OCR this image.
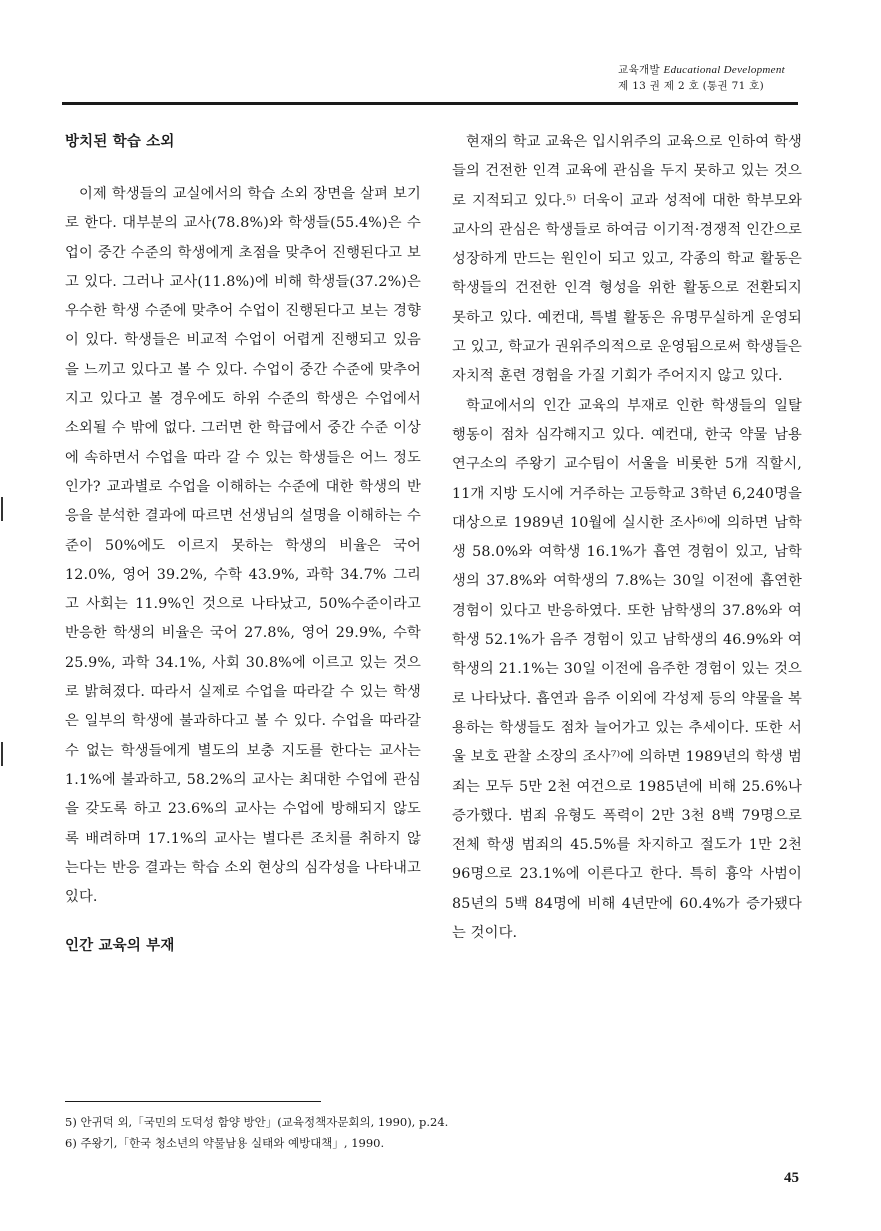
교육개발 Educational Development
제 13 권 제 2 호 (통권 71 호)
방치된 학습 소외

이제 학생들의 교실에서의 학습 소외 장면을 살펴 보기로 한다. 대부분의 교사(78.8%)와 학생들(55.4%)은 수업이 중간 수준의 학생에게 초점을 맞추어 진행된다고 보고 있다. 그러나 교사(11.8%)에 비해 학생들(37.2%)은 우수한 학생 수준에 맞추어 수업이 진행된다고 보는 경향이 있다. 학생들은 비교적 수업이 어렵게 진행되고 있음을 느끼고 있다고 볼 수 있다. 수업이 중간 수준에 맞추어지고 있다고 볼 경우에도 하위 수준의 학생은 수업에서 소외될 수 밖에 없다. 그러면 한 학급에서 중간 수준 이상에 속하면서 수업을 따라 갈 수 있는 학생들은 어느 정도인가? 교과별로 수업을 이해하는 수준에 대한 학생의 반응을 분석한 결과에 따르면 선생님의 설명을 이해하는 수준이 50%에도 이르지 못하는 학생의 비율은 국어 12.0%, 영어 39.2%, 수학 43.9%, 과학 34.7% 그리고 사회는 11.9%인 것으로 나타났고, 50%수준이라고 반응한 학생의 비율은 국어 27.8%, 영어 29.9%, 수학 25.9%, 과학 34.1%, 사회 30.8%에 이르고 있는 것으로 밝혀졌다. 따라서 실제로 수업을 따라갈 수 있는 학생은 일부의 학생에 불과하다고 볼 수 있다. 수업을 따라갈 수 없는 학생들에게 별도의 보충 지도를 한다는 교사는 1.1%에 불과하고, 58.2%의 교사는 최대한 수업에 관심을 갖도록 하고 23.6%의 교사는 수업에 방해되지 않도록 배려하며 17.1%의 교사는 별다른 조치를 취하지 않는다는 반응 결과는 학습 소외 현상의 심각성을 나타내고 있다.

인간 교육의 부재

현재의 학교 교육은 입시위주의 교육으로 인하여 학생들의 건전한 인격 교육에 관심을 두지 못하고 있는 것으로 지적되고 있다.⁵⁾ 더욱이 교과 성적에 대한 학부모와 교사의 관심은 학생들로 하여금 이기적·경쟁적 인간으로 성장하게 만드는 원인이 되고 있고, 각종의 학교 활동은 학생들의 건전한 인격 형성을 위한 활동으로 전환되지 못하고 있다. 예컨대, 특별 활동은 유명무실하게 운영되고 있고, 학교가 권위주의적으로 운영됨으로써 학생들은 자치적 훈련 경험을 가질 기회가 주어지지 않고 있다.

학교에서의 인간 교육의 부재로 인한 학생들의 일탈 행동이 점차 심각해지고 있다. 예컨대, 한국 약물 남용 연구소의 주왕기 교수팀이 서울을 비롯한 5개 직할시, 11개 지방 도시에 거주하는 고등학교 3학년 6,240명을 대상으로 1989년 10월에 실시한 조사⁶⁾에 의하면 남학생 58.0%와 여학생 16.1%가 흡연 경험이 있고, 남학생의 37.8%와 여학생의 7.8%는 30일 이전에 흡연한 경험이 있다고 반응하였다. 또한 남학생의 37.8%와 여학생 52.1%가 음주 경험이 있고 남학생의 46.9%와 여학생의 21.1%는 30일 이전에 음주한 경험이 있는 것으로 나타났다. 흡연과 음주 이외에 각성제 등의 약물을 복용하는 학생들도 점차 늘어가고 있는 추세이다. 또한 서울 보호 관찰 소장의 조사⁷⁾에 의하면 1989년의 학생 범죄는 모두 5만 2천 여건으로 1985년에 비해 25.6%나 증가했다. 범죄 유형도 폭력이 2만 3천 8백 79명으로 전체 학생 범죄의 45.5%를 차지하고 절도가 1만 2천 96명으로 23.1%에 이른다고 한다. 특히 흉악 사범이 85년의 5백 84명에 비해 4년만에 60.4%가 증가됐다는 것이다.

5) 안귀덕 외,「국민의 도덕성 함양 방안」(교육정책자문회의, 1990), p.24.

6) 주왕기,「한국 청소년의 약물남용 실태와 예방대책」, 1990.

45
